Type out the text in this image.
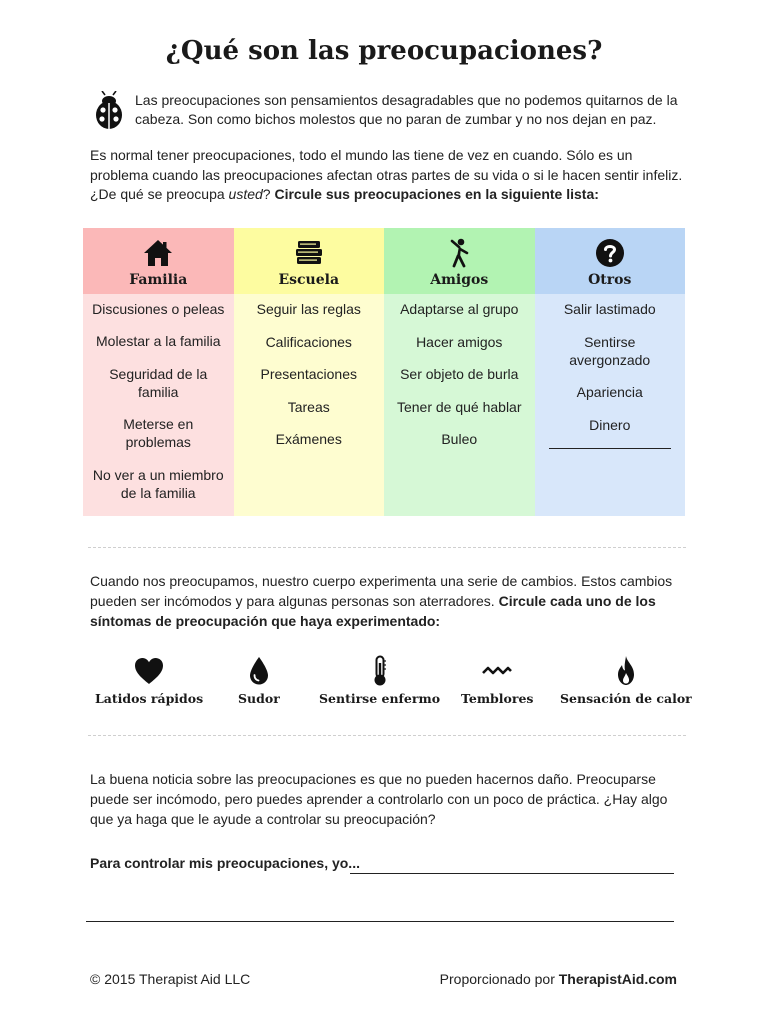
¿Qué son las preocupaciones?
Las preocupaciones son pensamientos desagradables que no podemos quitarnos de la cabeza. Son como bichos molestos que no paran de zumbar y no nos dejan en paz.
Es normal tener preocupaciones, todo el mundo las tiene de vez en cuando. Sólo es un problema cuando las preocupaciones afectan otras partes de su vida o si le hacen sentir infeliz. ¿De qué se preocupa usted? Circule sus preocupaciones en la siguiente lista:
Familia
Discusiones o peleas
Molestar a la familia
Seguridad de la familia
Meterse en problemas
No ver a un miembro de la familia
Escuela
Seguir las reglas
Calificaciones
Presentaciones
Tareas
Exámenes
Amigos
Adaptarse al grupo
Hacer amigos
Ser objeto de burla
Tener de qué hablar
Buleo
Otros
Salir lastimado
Sentirse avergonzado
Apariencia
Dinero
Cuando nos preocupamos, nuestro cuerpo experimenta una serie de cambios. Estos cambios pueden ser incómodos y para algunas personas son aterradores. Circule cada uno de los síntomas de preocupación que haya experimentado:
Latidos rápidos	Sudor	Sentirse enfermo Temblores Sensación de calor
La buena noticia sobre las preocupaciones es que no pueden hacernos daño. Preocuparse puede ser incómodo, pero puedes aprender a controlarlo con un poco de práctica. ¿Hay algo que ya haga que le ayude a controlar su preocupación?
Para controlar mis preocupaciones, yo...
© 2015 Therapist Aid LLC	Proporcionado por TherapistAid.com
